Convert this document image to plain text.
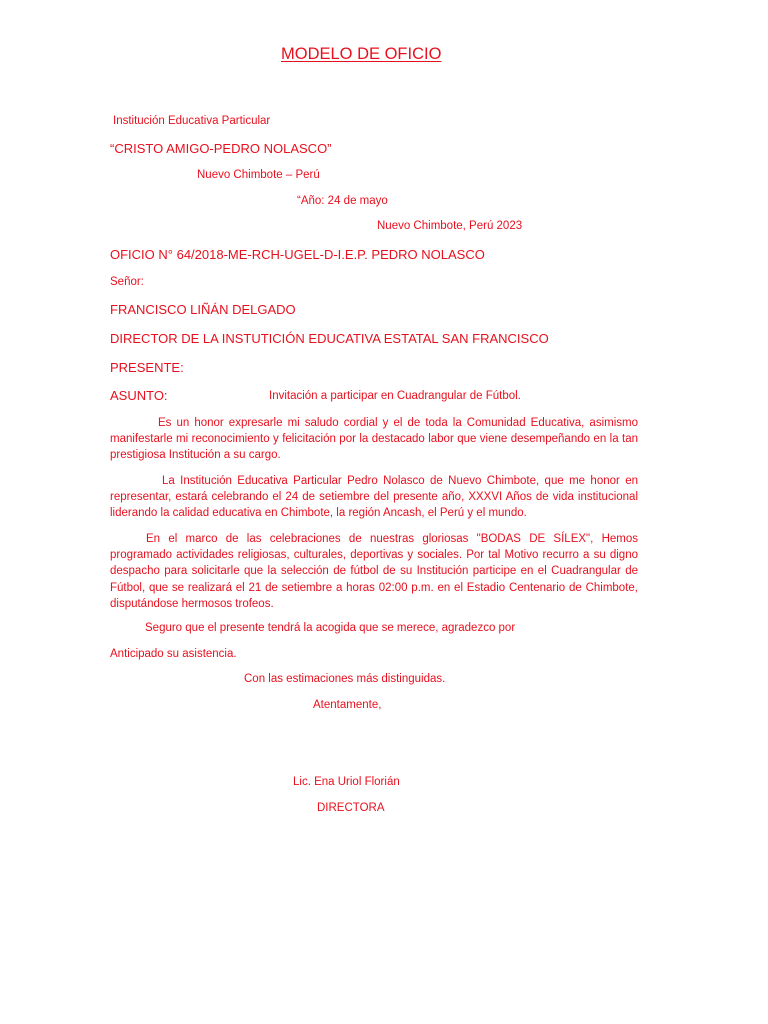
MODELO DE OFICIO
Institución Educativa Particular
“CRISTO AMIGO-PEDRO NOLASCO”
Nuevo Chimbote – Perú
“Año: 24 de mayo
Nuevo Chimbote, Perú 2023
OFICIO N° 64/2018-ME-RCH-UGEL-D-I.E.P. PEDRO NOLASCO
Señor:
FRANCISCO LIÑÁN DELGADO
DIRECTOR DE LA INSTUTICIÓN EDUCATIVA ESTATAL SAN FRANCISCO
PRESENTE:
ASUNTO:	Invitación a participar en Cuadrangular de Fútbol.
Es un honor expresarle mi saludo cordial y el de toda la Comunidad Educativa, asimismo manifestarle mi reconocimiento y felicitación por la destacado labor que viene desempeñando en la tan prestigiosa Institución a su cargo.
La Institución Educativa Particular Pedro Nolasco de Nuevo Chimbote, que me honor en representar, estará celebrando el 24 de setiembre del presente año, XXXVI Años de vida institucional liderando la calidad educativa en Chimbote, la región Ancash, el Perú y el mundo.
En el marco de las celebraciones de nuestras gloriosas "BODAS DE SÍLEX", Hemos programado actividades religiosas, culturales, deportivas y sociales. Por tal Motivo recurro a su digno despacho para solicitarle que la selección de fútbol de su Institución participe en el Cuadrangular de Fútbol, que se realizará el 21 de setiembre a horas 02:00 p.m. en el Estadio Centenario de Chimbote, disputándose hermosos trofeos.
Seguro que el presente tendrá la acogida que se merece, agradezco por
Anticipado su asistencia.
Con las estimaciones más distinguidas.
Atentamente,
Lic. Ena Uriol Florián
DIRECTORA
